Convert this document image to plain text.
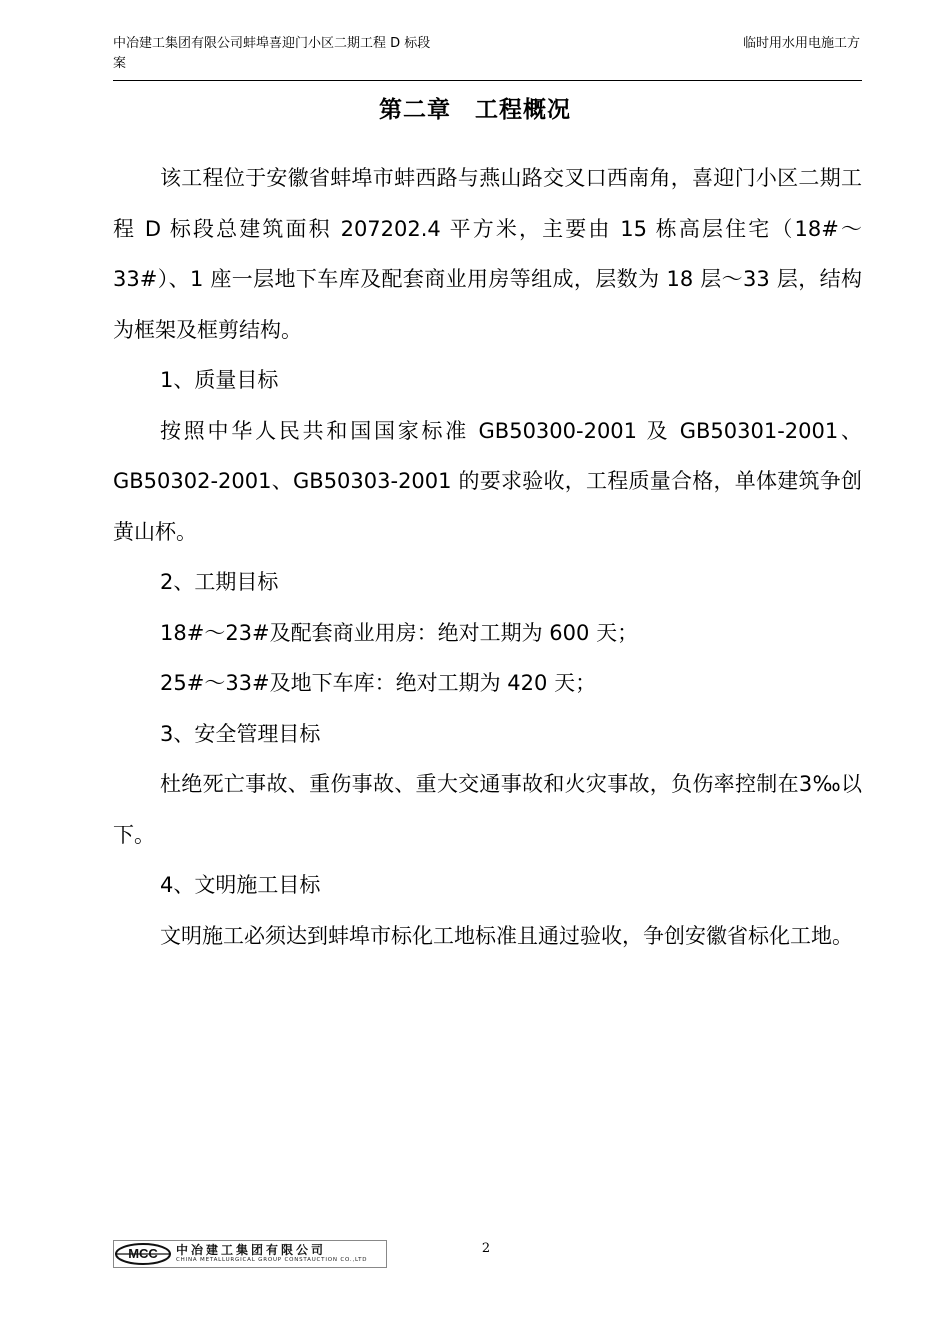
中冶建工集团有限公司蚌埠喜迎门小区二期工程 D 标段
案
临时用水用电施工方
第二章　工程概况

该工程位于安徽省蚌埠市蚌西路与燕山路交叉口西南角，喜迎门小区二期工程 D 标段总建筑面积 207202.4 平方米，主要由 15 栋高层住宅（18#～33#）、1 座一层地下车库及配套商业用房等组成，层数为 18 层～33 层，结构为框架及框剪结构。

1、质量目标

按照中华人民共和国国家标准 GB50300-2001 及 GB50301-2001、GB50302-2001、GB50303-2001 的要求验收，工程质量合格，单体建筑争创黄山杯。

2、工期目标

18#～23#及配套商业用房：绝对工期为 600 天；

25#～33#及地下车库：绝对工期为 420 天；

3、安全管理目标

杜绝死亡事故、重伤事故、重大交通事故和火灾事故，负伤率控制在3‰以下。

4、文明施工目标

文明施工必须达到蚌埠市标化工地标准且通过验收，争创安徽省标化工地。

MCC 中冶建工集团有限公司
CHINA METALLURGICAL GROUP CONSTAUCTION CO.,LTD
2
